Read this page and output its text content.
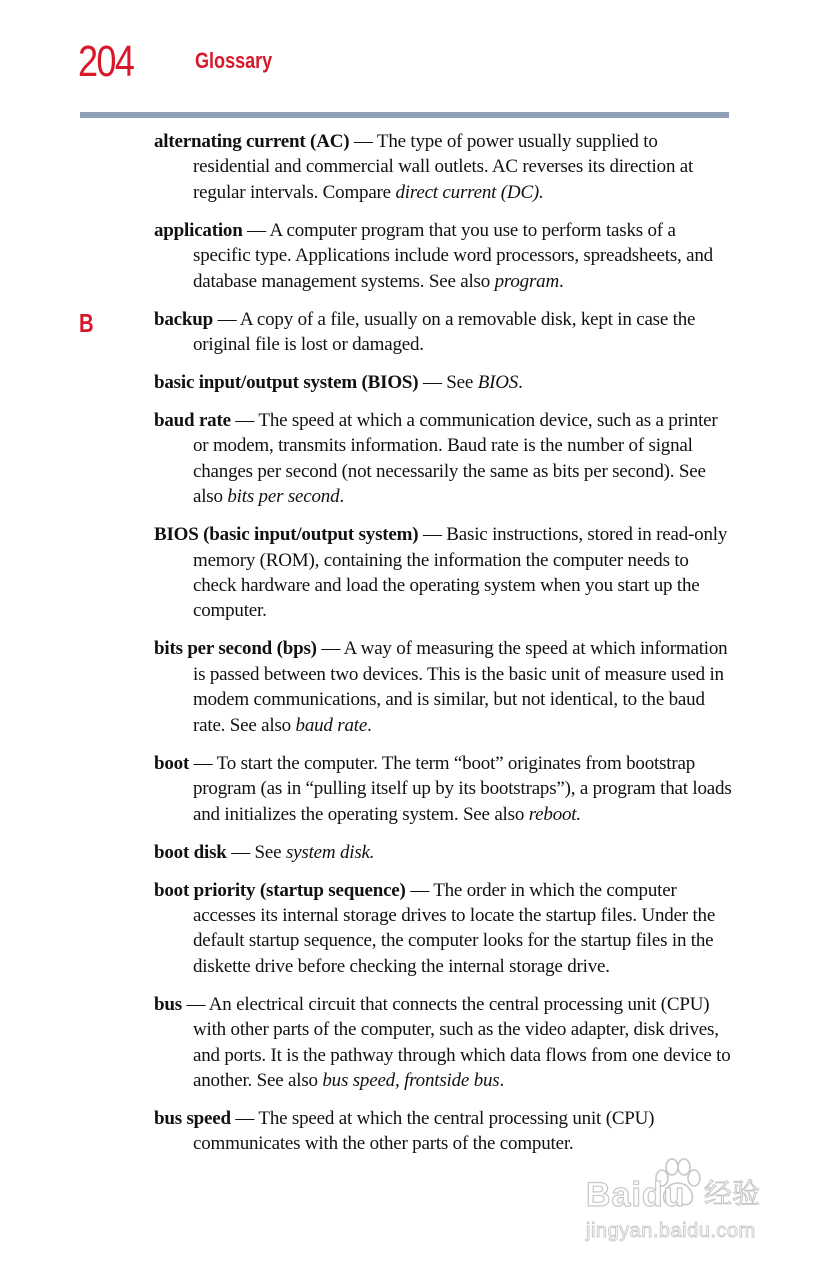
204	Glossary
B

alternating current (AC) — The type of power usually supplied to residential and commercial wall outlets. AC reverses its direction at regular intervals. Compare direct current (DC).

application — A computer program that you use to perform tasks of a specific type. Applications include word processors, spreadsheets, and database management systems. See also program.

backup — A copy of a file, usually on a removable disk, kept in case the original file is lost or damaged.

basic input/output system (BIOS) — See BIOS.

baud rate — The speed at which a communication device, such as a printer or modem, transmits information. Baud rate is the number of signal changes per second (not necessarily the same as bits per second). See also bits per second.

BIOS (basic input/output system) — Basic instructions, stored in read-only memory (ROM), containing the information the computer needs to check hardware and load the operating system when you start up the computer.

bits per second (bps) — A way of measuring the speed at which information is passed between two devices. This is the basic unit of measure used in modem communications, and is similar, but not identical, to the baud rate. See also baud rate.

boot — To start the computer. The term “boot” originates from bootstrap program (as in “pulling itself up by its bootstraps”), a program that loads and initializes the operating system. See also reboot.

boot disk — See system disk.

boot priority (startup sequence) — The order in which the computer accesses its internal storage drives to locate the startup files. Under the default startup sequence, the computer looks for the startup files in the diskette drive before checking the internal storage drive.

bus — An electrical circuit that connects the central processing unit (CPU) with other parts of the computer, such as the video adapter, disk drives, and ports. It is the pathway through which data flows from one device to another. See also bus speed, frontside bus.

bus speed — The speed at which the central processing unit (CPU) communicates with the other parts of the computer.

Baidu 经验
jingyan.baidu.com
